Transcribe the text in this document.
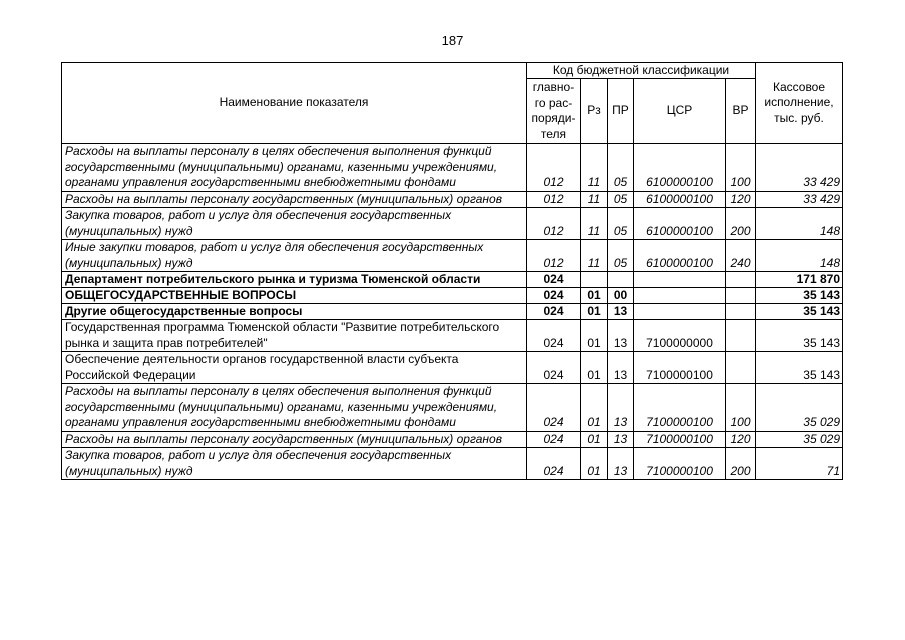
187
Наименование показателя	Код бюджетной классификации					Кассовое исполнение, тыс. руб.
	главно-го рас-поряди-теля	Рз	ПР	ЦСР	ВР	
Расходы на выплаты персоналу в целях обеспечения выполнения функций государственными (муниципальными) органами, казенными учреждениями, органами управления государственными внебюджетными фондами	012	11	05	6100000100	100	33 429
Расходы на выплаты персоналу государственных (муниципальных) органов	012	11	05	6100000100	120	33 429
Закупка товаров, работ и услуг для обеспечения государственных (муниципальных) нужд	012	11	05	6100000100	200	148
Иные закупки товаров, работ и услуг для обеспечения государственных (муниципальных) нужд	012	11	05	6100000100	240	148
Департамент потребительского рынка и туризма Тюменской области	024					171 870
ОБЩЕГОСУДАРСТВЕННЫЕ ВОПРОСЫ	024	01	00			35 143
Другие общегосударственные вопросы	024	01	13			35 143
Государственная программа Тюменской области "Развитие потребительского рынка и защита прав потребителей"	024	01	13	7100000000		35 143
Обеспечение деятельности органов государственной власти субъекта Российской Федерации	024	01	13	7100000100		35 143
Расходы на выплаты персоналу в целях обеспечения выполнения функций государственными (муниципальными) органами, казенными учреждениями, органами управления государственными внебюджетными фондами	024	01	13	7100000100	100	35 029
Расходы на выплаты персоналу государственных (муниципальных) органов	024	01	13	7100000100	120	35 029
Закупка товаров, работ и услуг для обеспечения государственных (муниципальных) нужд	024	01	13	7100000100	200	71
